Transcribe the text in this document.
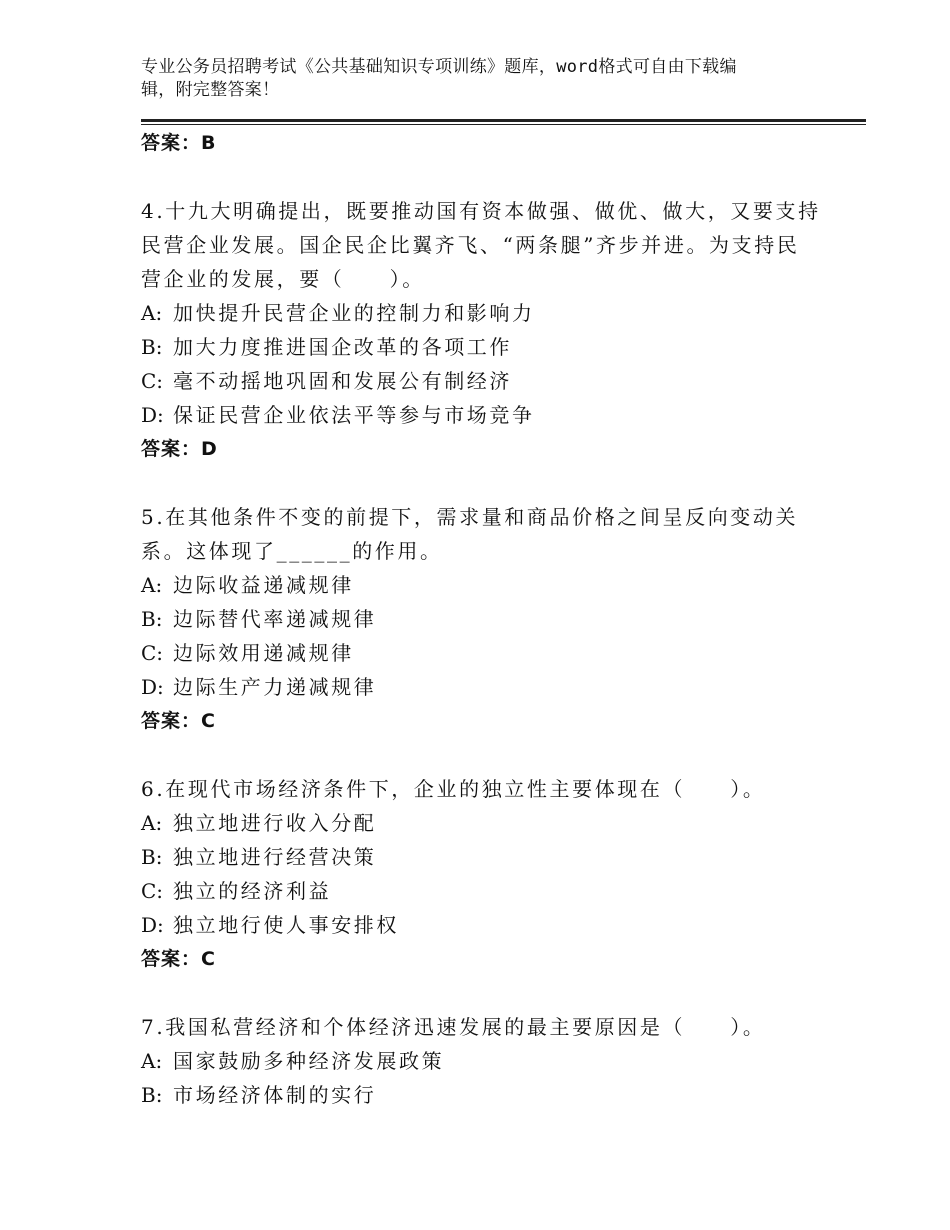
专业公务员招聘考试《公共基础知识专项训练》题库，word格式可自由下载编
辑，附完整答案！
答案：B
4.十九大明确提出，既要推动国有资本做强、做优、做大，又要支持
民营企业发展。国企民企比翼齐飞、“两条腿”齐步并进。为支持民
营企业的发展，要（　　）。
A: 加快提升民营企业的控制力和影响力
B: 加大力度推进国企改革的各项工作
C: 毫不动摇地巩固和发展公有制经济
D: 保证民营企业依法平等参与市场竞争
答案：D
5.在其他条件不变的前提下，需求量和商品价格之间呈反向变动关
系。这体现了______的作用。
A: 边际收益递减规律
B: 边际替代率递减规律
C: 边际效用递减规律
D: 边际生产力递减规律
答案：C
6.在现代市场经济条件下，企业的独立性主要体现在（　　）。
A: 独立地进行收入分配
B: 独立地进行经营决策
C: 独立的经济利益
D: 独立地行使人事安排权
答案：C
7.我国私营经济和个体经济迅速发展的最主要原因是（　　）。
A: 国家鼓励多种经济发展政策
B: 市场经济体制的实行
